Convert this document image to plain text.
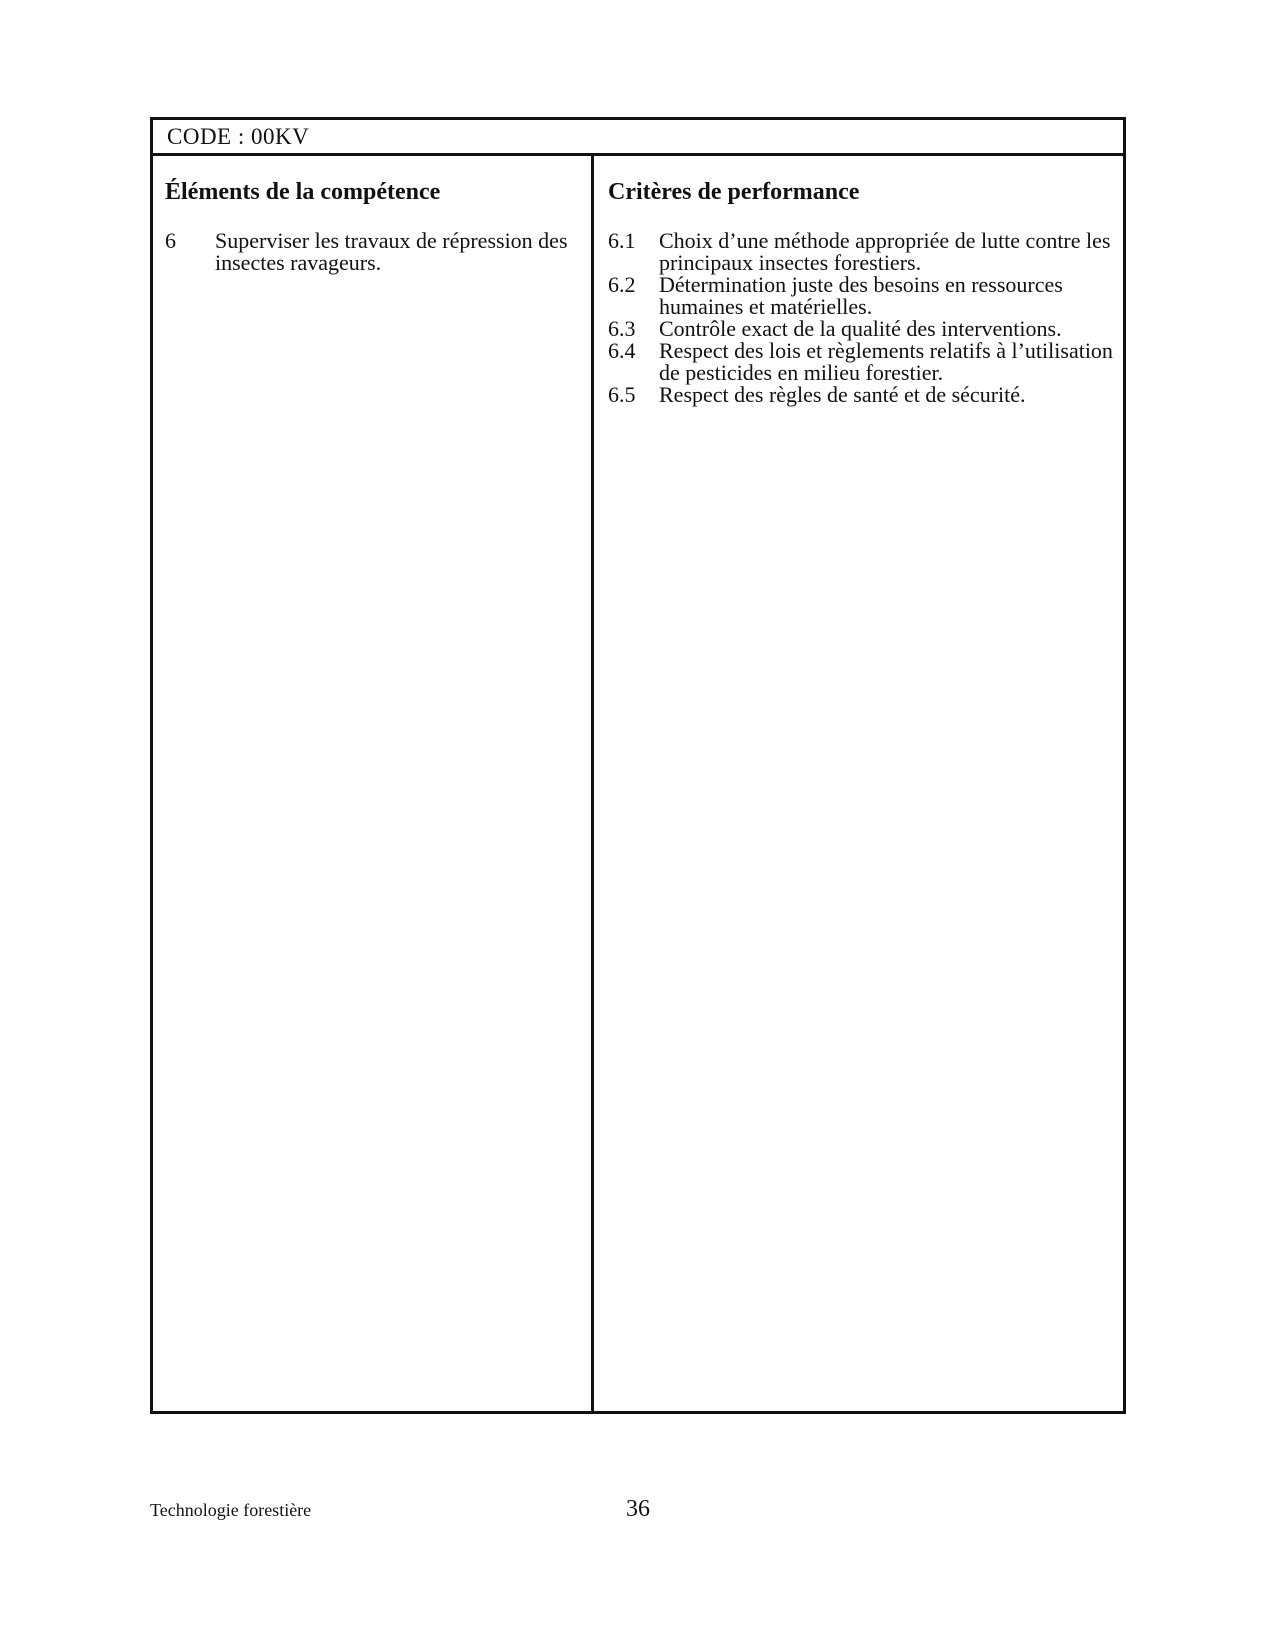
CODE : 00KV
Éléments de la compétence	Critères de performance
6 Superviser les travaux de répression des insectes ravageurs.
6.1 Choix d’une méthode appropriée de lutte contre les principaux insectes forestiers.
6.2 Détermination juste des besoins en ressources humaines et matérielles.
6.3 Contrôle exact de la qualité des interventions.
6.4 Respect des lois et règlements relatifs à l’utilisation de pesticides en milieu forestier.
6.5 Respect des règles de santé et de sécurité.
Technologie forestière	36
